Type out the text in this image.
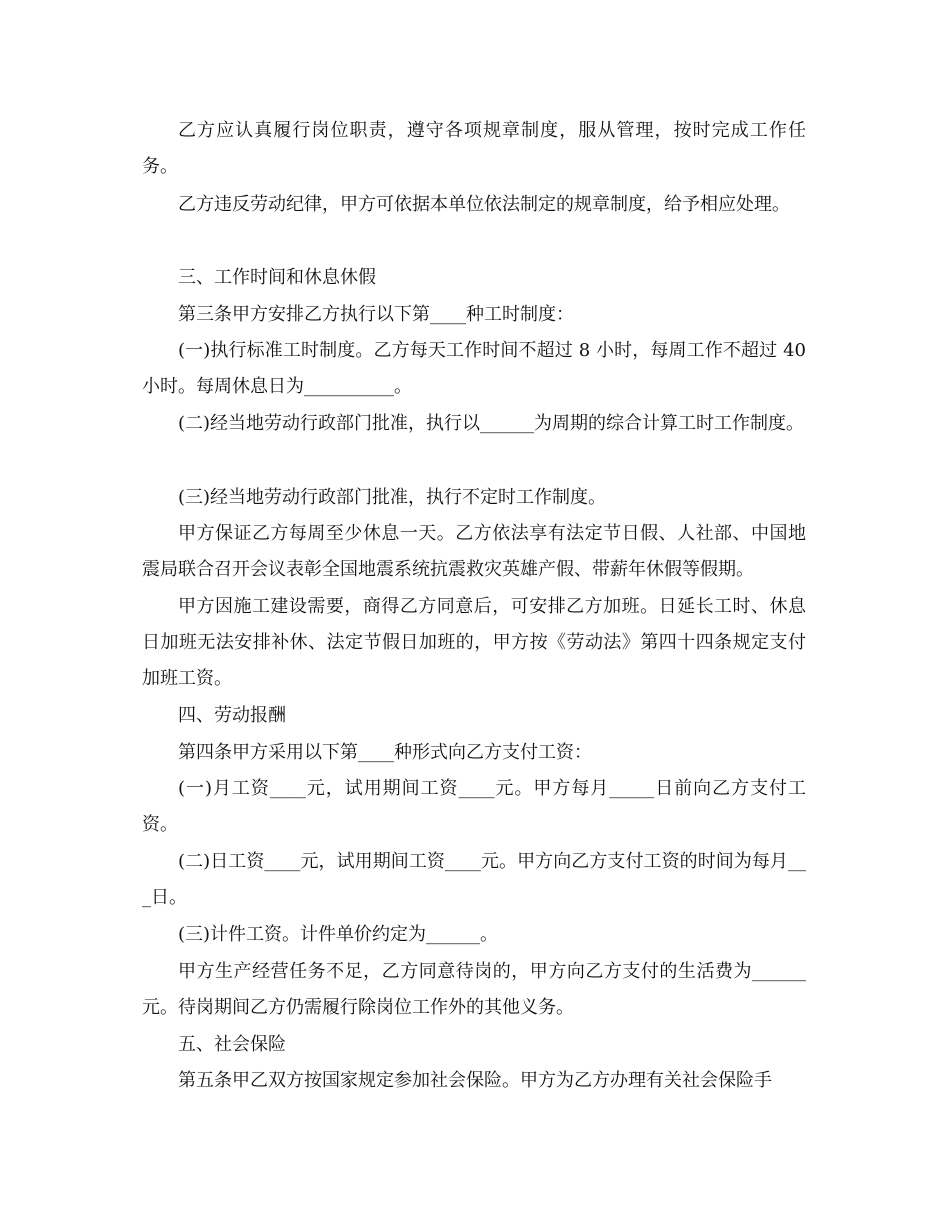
乙方应认真履行岗位职责，遵守各项规章制度，服从管理，按时完成工作任务。

乙方违反劳动纪律，甲方可依据本单位依法制定的规章制度，给予相应处理。

三、工作时间和休息休假

第三条甲方安排乙方执行以下第____种工时制度：

(一)执行标准工时制度。乙方每天工作时间不超过 8 小时，每周工作不超过 40 小时。每周休息日为__________。

(二)经当地劳动行政部门批准，执行以______为周期的综合计算工时工作制度。

(三)经当地劳动行政部门批准，执行不定时工作制度。

甲方保证乙方每周至少休息一天。乙方依法享有法定节日假、人社部、中国地震局联合召开会议表彰全国地震系统抗震救灾英雄产假、带薪年休假等假期。

甲方因施工建设需要，商得乙方同意后，可安排乙方加班。日延长工时、休息日加班无法安排补休、法定节假日加班的，甲方按《劳动法》第四十四条规定支付加班工资。

四、劳动报酬

第四条甲方采用以下第____种形式向乙方支付工资：

(一)月工资____元，试用期间工资____元。甲方每月_____日前向乙方支付工资。

(二)日工资____元，试用期间工资____元。甲方向乙方支付工资的时间为每月___日。

(三)计件工资。计件单价约定为______。

甲方生产经营任务不足，乙方同意待岗的，甲方向乙方支付的生活费为______元。待岗期间乙方仍需履行除岗位工作外的其他义务。

五、社会保险

第五条甲乙双方按国家规定参加社会保险。甲方为乙方办理有关社会保险手
